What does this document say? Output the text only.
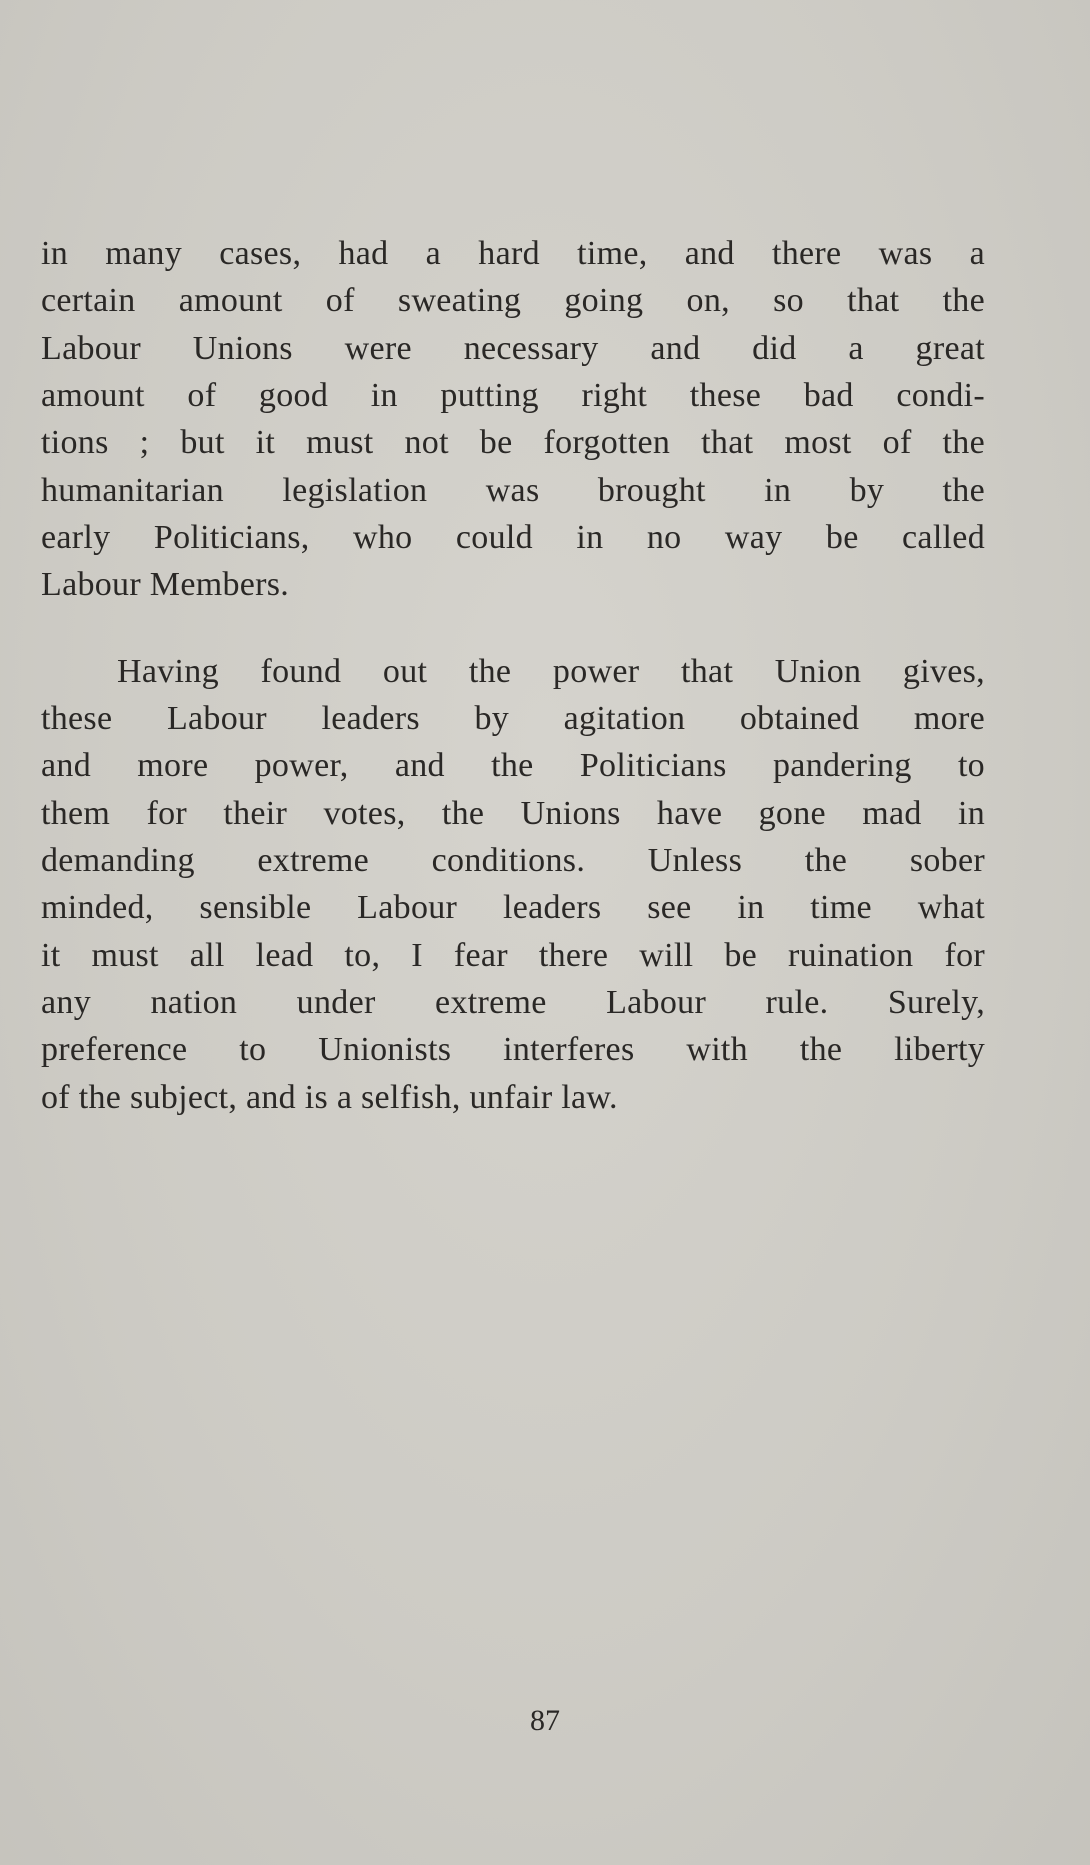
in many cases, had a hard time, and there was a
certain amount of sweating going on, so that the
Labour Unions were necessary and did a great
amount of good in putting right these bad condi-
tions ; but it must not be forgotten that most of the
humanitarian legislation was brought in by the
early Politicians, who could in no way be called
Labour Members.
Having found out the power that Union gives,
these Labour leaders by agitation obtained more
and more power, and the Politicians pandering to
them for their votes, the Unions have gone mad in
demanding extreme conditions. Unless the sober
minded, sensible Labour leaders see in time what
it must all lead to, I fear there will be ruination for
any nation under extreme Labour rule. Surely,
preference to Unionists interferes with the liberty
of the subject, and is a selfish, unfair law.
87
